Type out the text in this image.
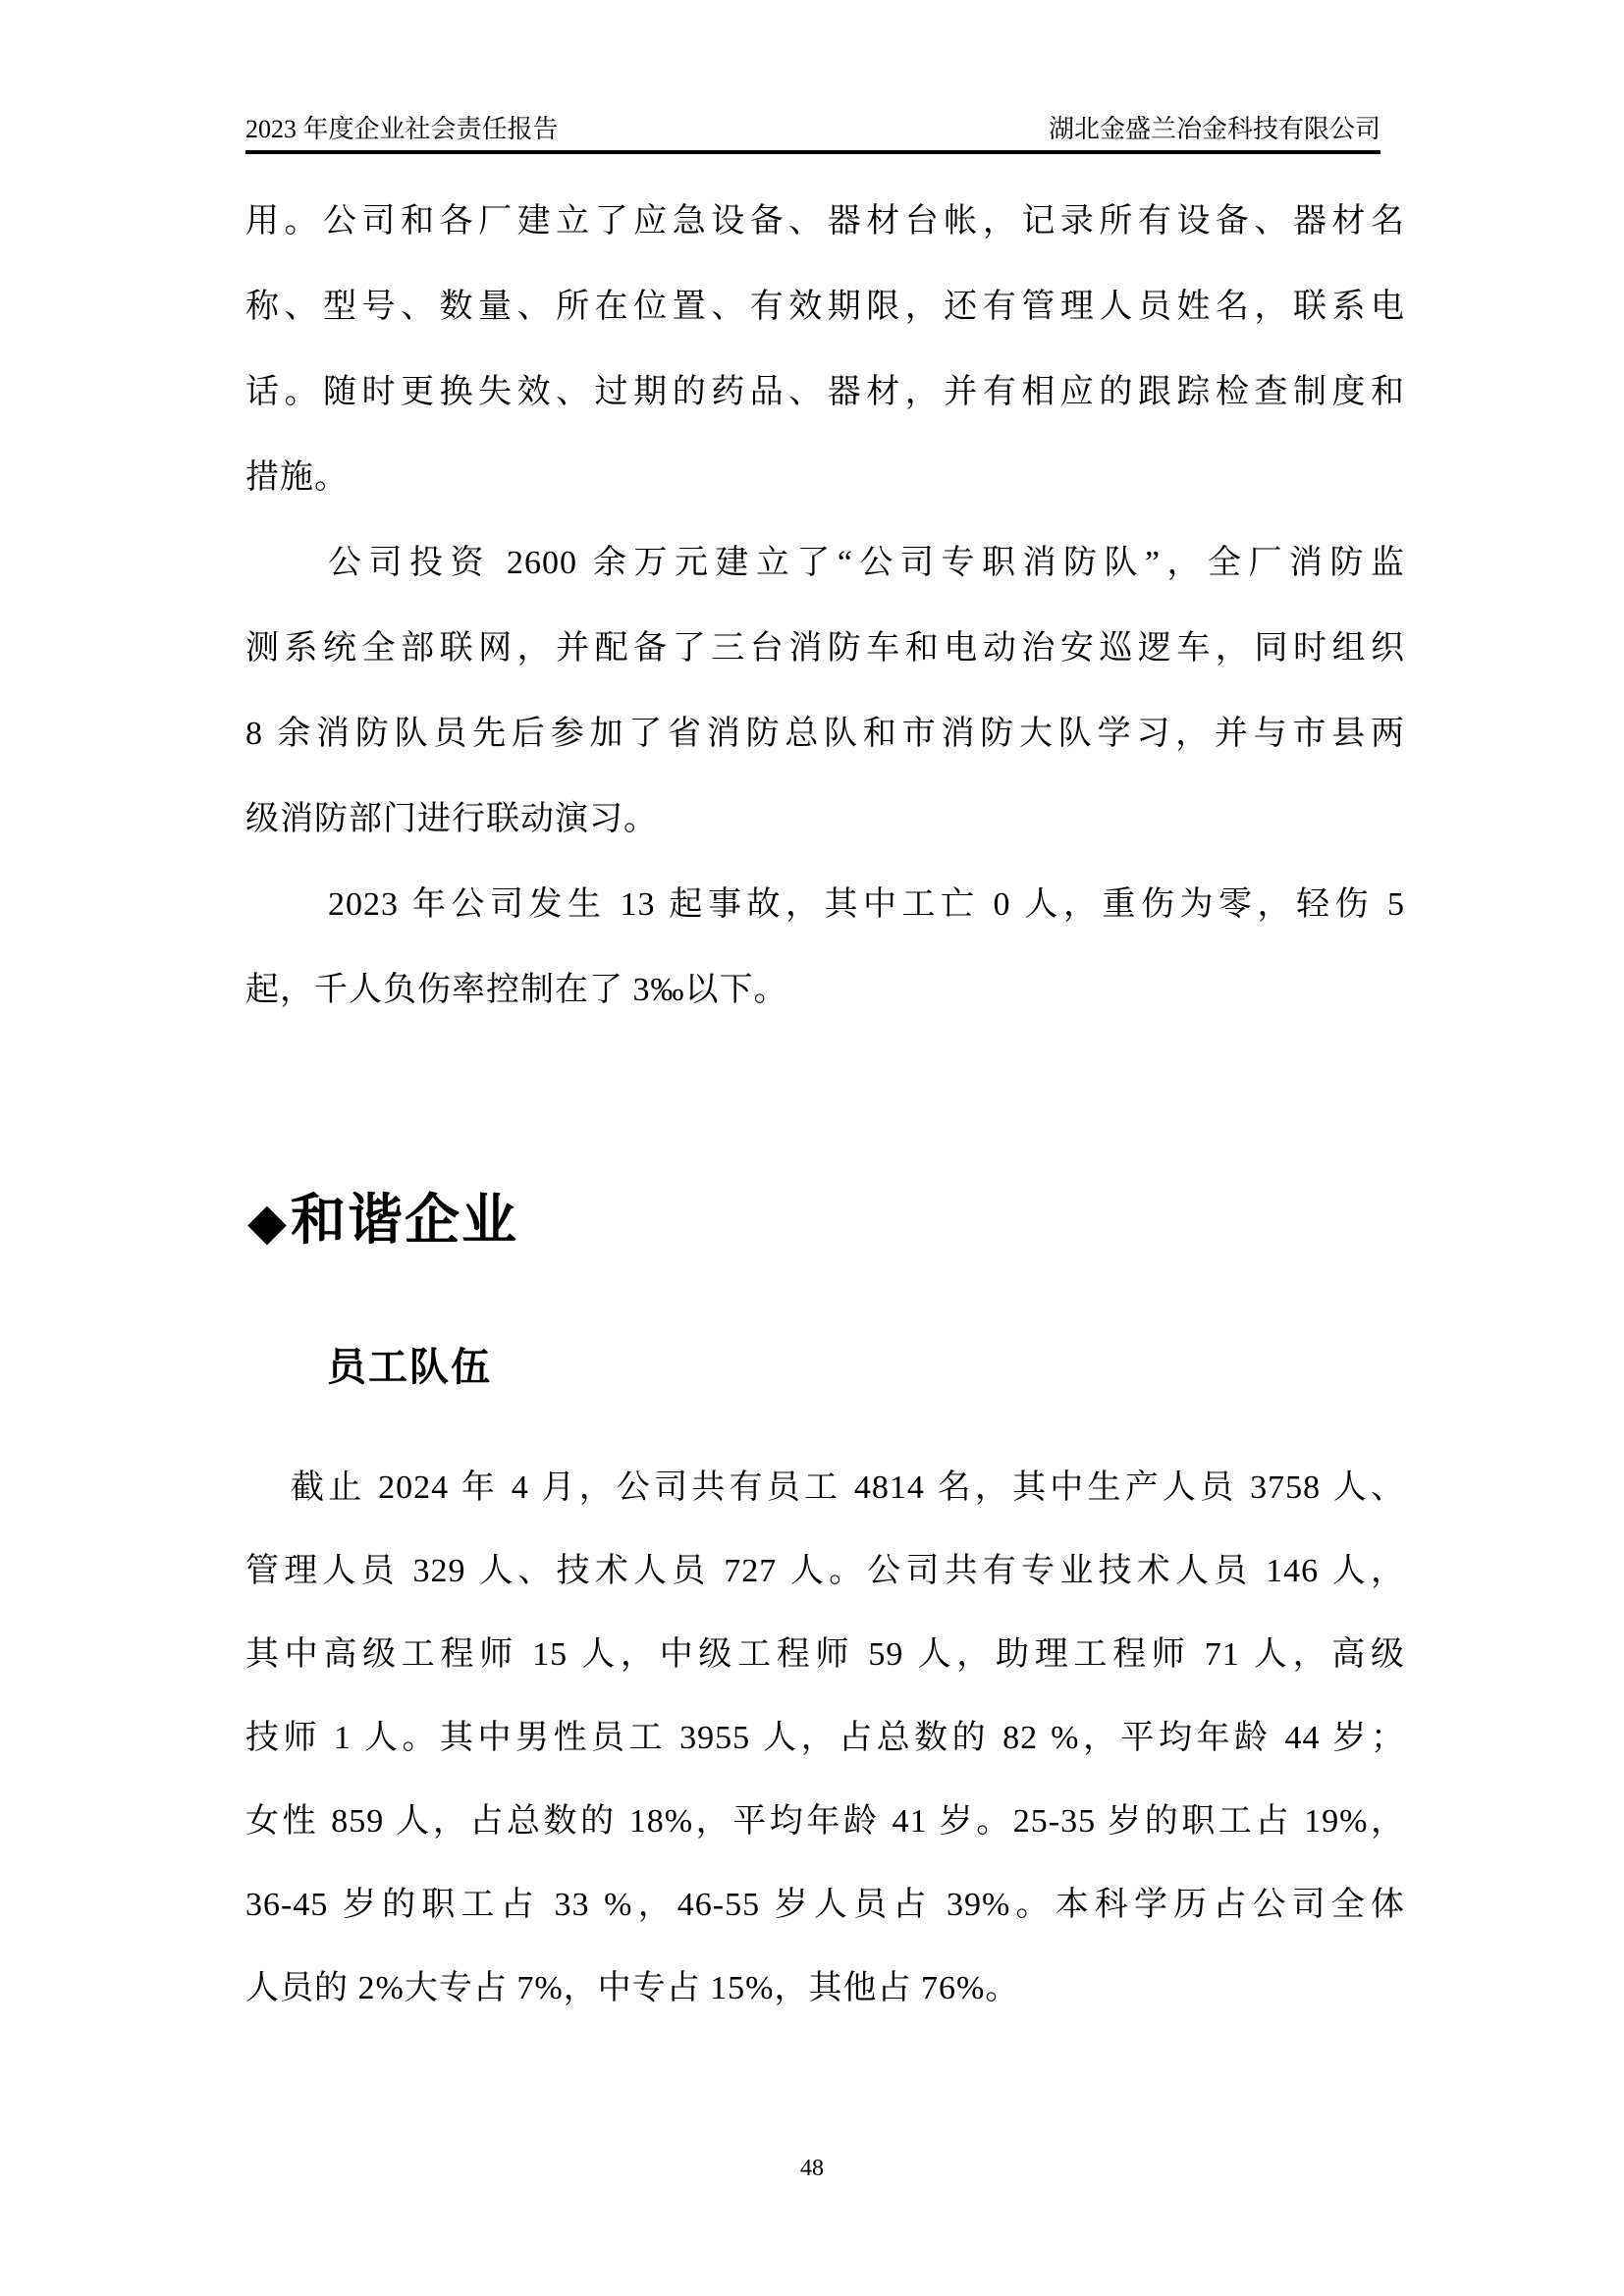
2023 年度企业社会责任报告	湖北金盛兰冶金科技有限公司
用。公司和各厂建立了应急设备、器材台帐，记录所有设备、器材名
称、型号、数量、所在位置、有效期限，还有管理人员姓名，联系电
话。随时更换失效、过期的药品、器材，并有相应的跟踪检查制度和
措施。
公司投资 2600 余万元建立了“公司专职消防队”，全厂消防监
测系统全部联网，并配备了三台消防车和电动治安巡逻车，同时组织
8 余消防队员先后参加了省消防总队和市消防大队学习，并与市县两
级消防部门进行联动演习。
2023 年公司发生 13 起事故，其中工亡 0 人，重伤为零，轻伤 5
起，千人负伤率控制在了 3‰以下。
◆和谐企业
员工队伍
截止 2024 年 4 月，公司共有员工 4814 名，其中生产人员 3758 人、
管理人员 329 人、技术人员 727 人。公司共有专业技术人员 146 人，
其中高级工程师 15 人，中级工程师 59 人，助理工程师 71 人，高级
技师 1 人。其中男性员工 3955 人，占总数的 82 %，平均年龄 44 岁；
女性 859 人，占总数的 18%，平均年龄 41 岁。25-35 岁的职工占 19%，
36-45 岁的职工占 33 %，46-55 岁人员占 39%。本科学历占公司全体
人员的 2%大专占 7%，中专占 15%，其他占 76%。
48
